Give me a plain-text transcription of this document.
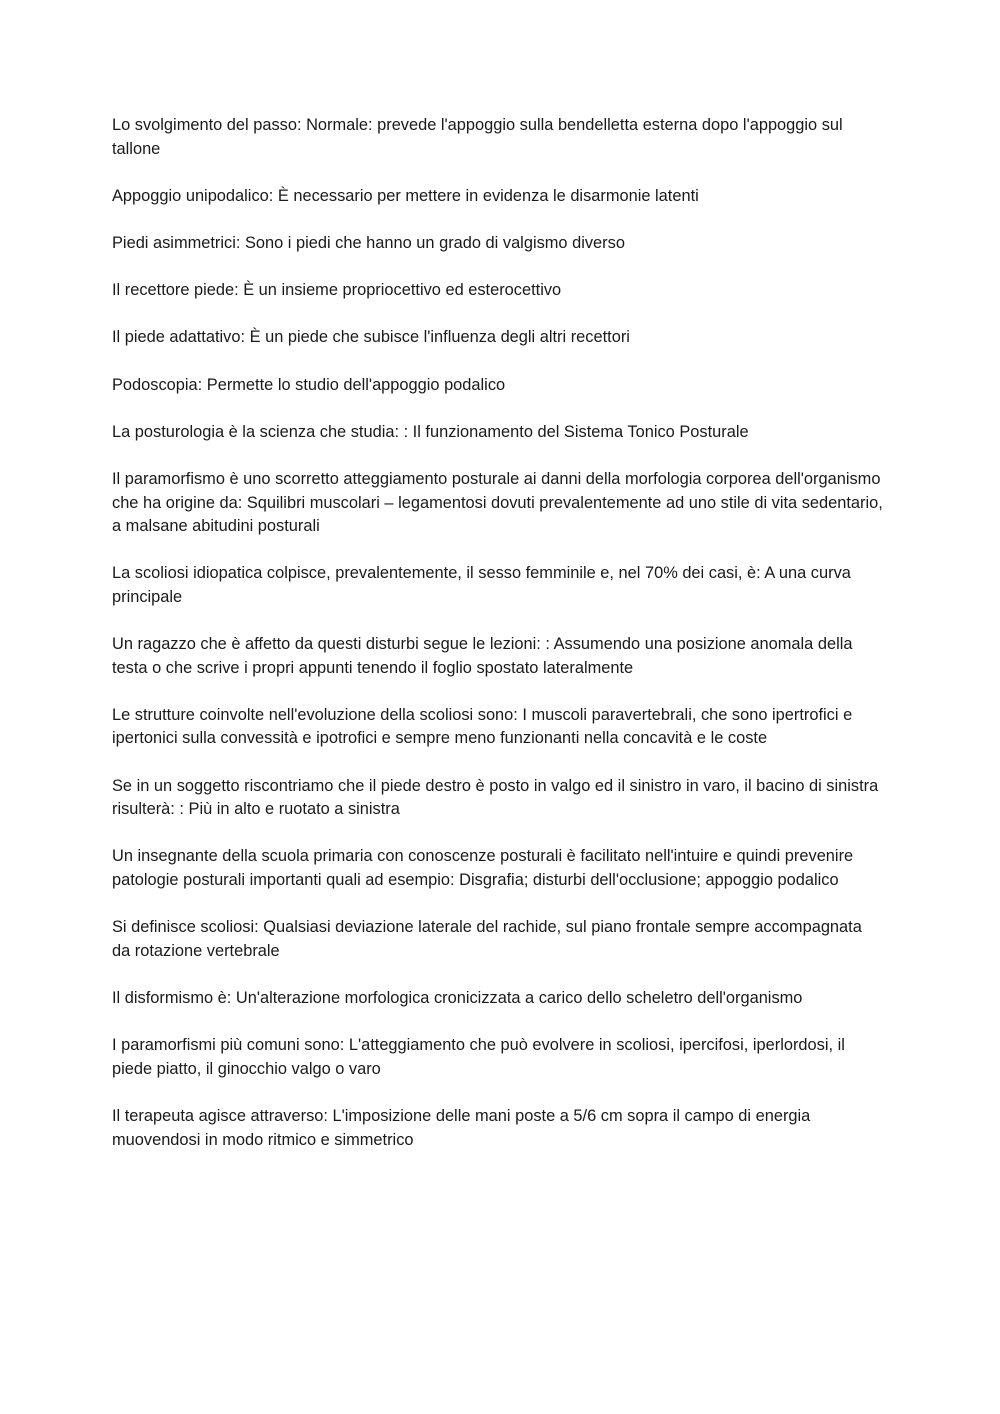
Lo svolgimento del passo: Normale: prevede l'appoggio sulla bendelletta esterna dopo l'appoggio sul tallone

Appoggio unipodalico: È necessario per mettere in evidenza le disarmonie latenti

Piedi asimmetrici: Sono i piedi che hanno un grado di valgismo diverso

Il recettore piede: È un insieme propriocettivo ed esterocettivo

Il piede adattativo: È un piede che subisce l'influenza degli altri recettori

Podoscopia: Permette lo studio dell'appoggio podalico

La posturologia è la scienza che studia: : Il funzionamento del Sistema Tonico Posturale

Il paramorfismo è uno scorretto atteggiamento posturale ai danni della morfologia corporea dell'organismo che ha origine da: Squilibri muscolari – legamentosi dovuti prevalentemente ad uno stile di vita sedentario, a malsane abitudini posturali

La scoliosi idiopatica colpisce, prevalentemente, il sesso femminile e, nel 70% dei casi, è: A una curva principale

Un ragazzo che è affetto da questi disturbi segue le lezioni: : Assumendo una posizione anomala della testa o che scrive i propri appunti tenendo il foglio spostato lateralmente

Le strutture coinvolte nell'evoluzione della scoliosi sono: I muscoli paravertebrali, che sono ipertrofici e ipertonici sulla convessità e ipotrofici e sempre meno funzionanti nella concavità e le coste

Se in un soggetto riscontriamo che il piede destro è posto in valgo ed il sinistro in varo, il bacino di sinistra risulterà: : Più in alto e ruotato a sinistra

Un insegnante della scuola primaria con conoscenze posturali è facilitato nell'intuire e quindi prevenire patologie posturali importanti quali ad esempio: Disgrafia; disturbi dell'occlusione; appoggio podalico

Si definisce scoliosi: Qualsiasi deviazione laterale del rachide, sul piano frontale sempre accompagnata da rotazione vertebrale

Il disformismo è: Un'alterazione morfologica cronicizzata a carico dello scheletro dell'organismo

I paramorfismi più comuni sono: L'atteggiamento che può evolvere in scoliosi, ipercifosi, iperlordosi, il piede piatto, il ginocchio valgo o varo

Il terapeuta agisce attraverso: L'imposizione delle mani poste a 5/6 cm sopra il campo di energia muovendosi in modo ritmico e simmetrico
